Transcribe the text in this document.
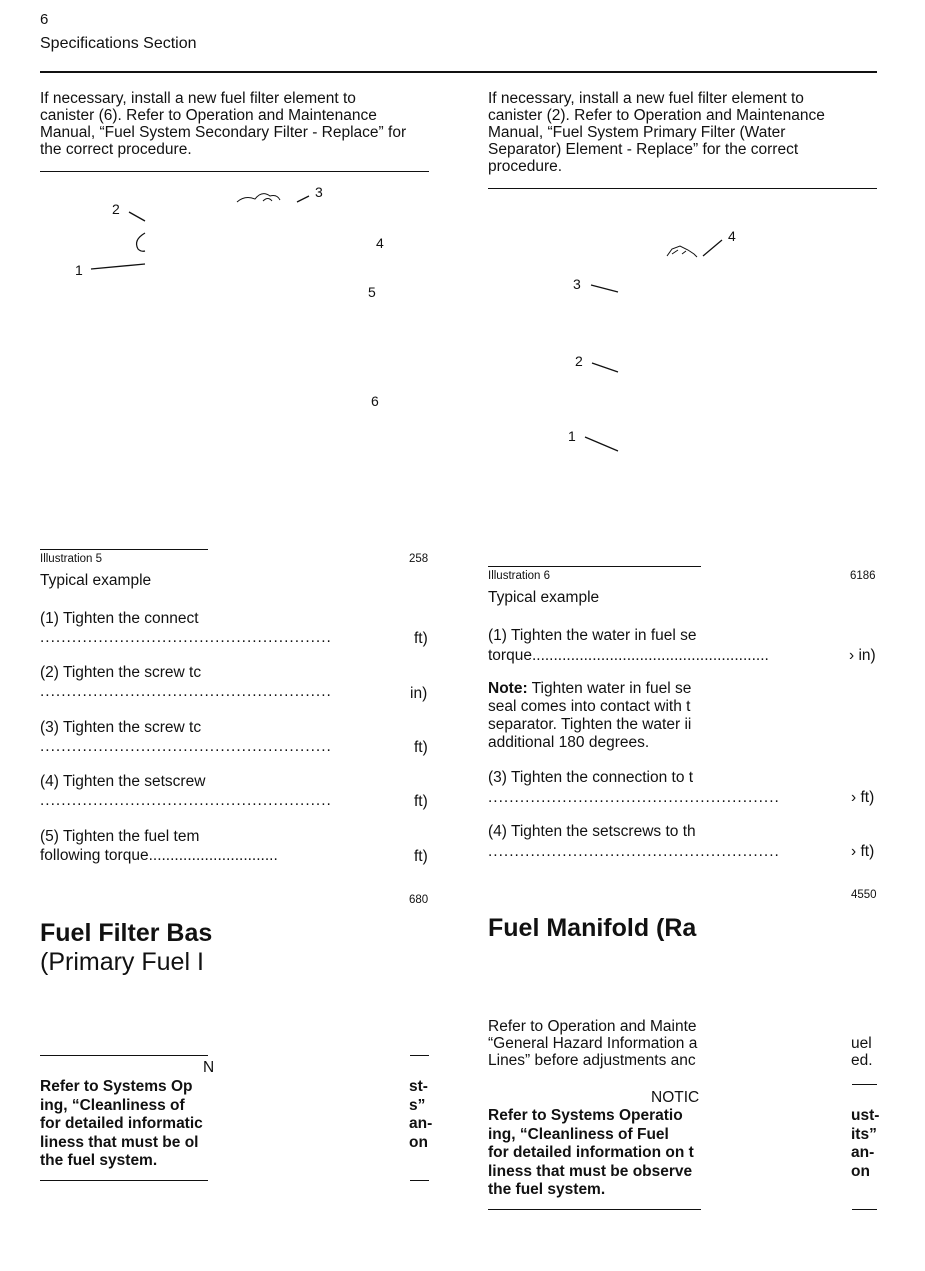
6
Specifications Section
If necessary, install a new fuel filter element to
canister (6). Refer to Operation and Maintenance
Manual, “Fuel System Secondary Filter - Replace” for
the correct procedure.
2
1
3
4
5
6
Illustration 5	258
Typical example
(1) Tighten the connect
.......................................................	ft)
(2) Tighten the screw tc
.......................................................	in)
(3) Tighten the screw tc
.......................................................	ft)
(4) Tighten the setscrew
.......................................................	ft)
(5) Tighten the fuel tem
following torque..............................	ft)
680
Fuel Filter Bas
(Primary Fuel I
N
Refer to Systems Op
ing, “Cleanliness of
for detailed informatic
liness that must be ol
the fuel system.
st-
s”
an-
on
If necessary, install a new fuel filter element to
canister (2). Refer to Operation and Maintenance
Manual, “Fuel System Primary Filter (Water
Separator) Element - Replace” for the correct
procedure.
4
3
2
1
Illustration 6	6186
Typical example
(1) Tighten the water in fuel se
torque.......................................................	› in)
Note: Tighten water in fuel se
seal comes into contact with t
separator. Tighten the water ii
additional 180 degrees.
(3) Tighten the connection to t
.......................................................	› ft)
(4) Tighten the setscrews to th
.......................................................	› ft)
4550
Fuel Manifold (Ra
Refer to Operation and Mainte
“General Hazard Information a
Lines” before adjustments anc
uel
ed.
NOTIC
Refer to Systems Operatio
ing, “Cleanliness of Fuel
for detailed information on t
liness that must be observe
the fuel system.
ust-
its”
an-
on
